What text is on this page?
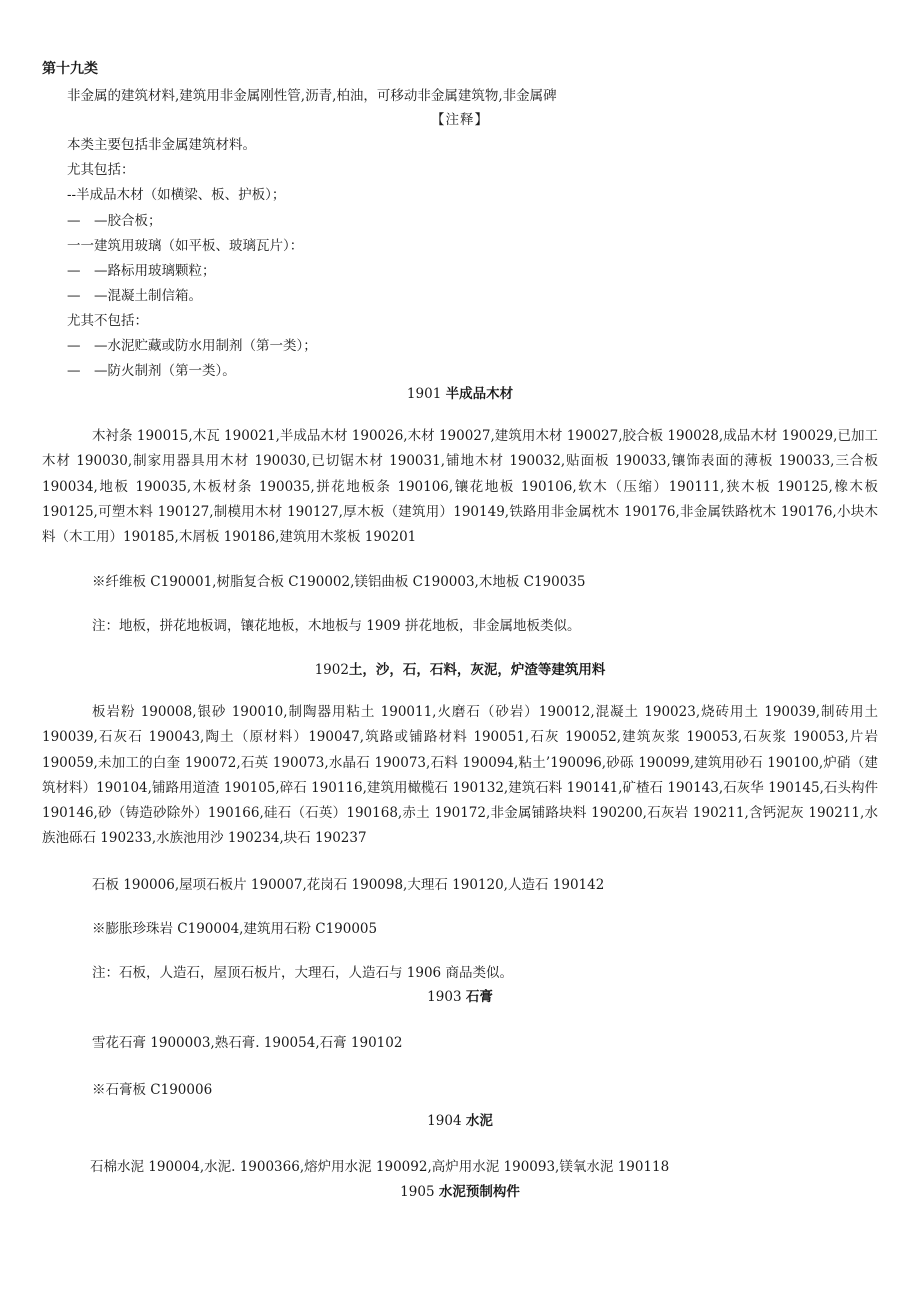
第十九类
非金属的建筑材料,建筑用非金属刚性管,沥青,柏油，可移动非金属建筑物,非金属碑
【注释】
本类主要包括非金属建筑材料。
尤其包括：
--半成品木材（如横梁、板、护板）；
—　—胶合板；
一一建筑用玻璃（如平板、玻璃瓦片）：
—　—路标用玻璃颗粒；
—　—混凝土制信箱。
尤其不包括：
—　—水泥贮藏或防水用制剂（第一类）；
—　—防火制剂（第一类）。
1901 半成品木材
木衬条 190015,木瓦 190021,半成品木材 190026,木材 190027,建筑用木材 190027,胶合板 190028,成品木材 190029,已加工木材 190030,制家用器具用木材 190030,已切锯木材 190031,铺地木材 190032,贴面板 190033,镶饰表面的薄板 190033,三合板 190034,地板 190035,木板材条 190035,拼花地板条 190106,镶花地板 190106,软木（压缩）190111,狭木板 190125,橡木板 190125,可塑木料 190127,制模用木材 190127,厚木板（建筑用）190149,铁路用非金属枕木 190176,非金属铁路枕木 190176,小块木料（木工用）190185,木屑板 190186,建筑用木浆板 190201
※纤维板 C190001,树脂复合板 C190002,镁铝曲板 C190003,木地板 C190035
注：地板，拼花地板调，镶花地板，木地板与 1909 拼花地板，非金属地板类似。
1902土，沙，石，石料，灰泥，炉渣等建筑用料
板岩粉 190008,银砂 190010,制陶器用粘土 190011,火磨石（砂岩）190012,混凝土 190023,烧砖用土 190039,制砖用土 190039,石灰石 190043,陶土（原材料）190047,筑路或铺路材料 190051,石灰 190052,建筑灰浆 190053,石灰浆 190053,片岩 190059,未加工的白奎 190072,石英 190073,水晶石 190073,石料 190094,粘土’190096,砂砾 190099,建筑用砂石 190100,炉硝（建筑材料）190104,铺路用道渣 190105,碎石 190116,建筑用橄榄石 190132,建筑石料 190141,矿楂石 190143,石灰华 190145,石头构件 190146,砂（铸造砂除外）190166,硅石（石英）190168,赤土 190172,非金属铺路块料 190200,石灰岩 190211,含钙泥灰 190211,水族池砾石 190233,水族池用沙 190234,块石 190237
石板 190006,屋项石板片 190007,花岗石 190098,大理石 190120,人造石 190142
※膨胀珍珠岩 C190004,建筑用石粉 C190005
注：石板，人造石，屋顶石板片，大理石，人造石与 1906 商品类似。
1903 石膏
雪花石膏 1900003,熟石膏. 190054,石膏 190102
※石膏板 C190006
1904 水泥
石棉水泥 190004,水泥. 1900366,熔炉用水泥 190092,高炉用水泥 190093,镁氧水泥 190118
1905 水泥预制构件
